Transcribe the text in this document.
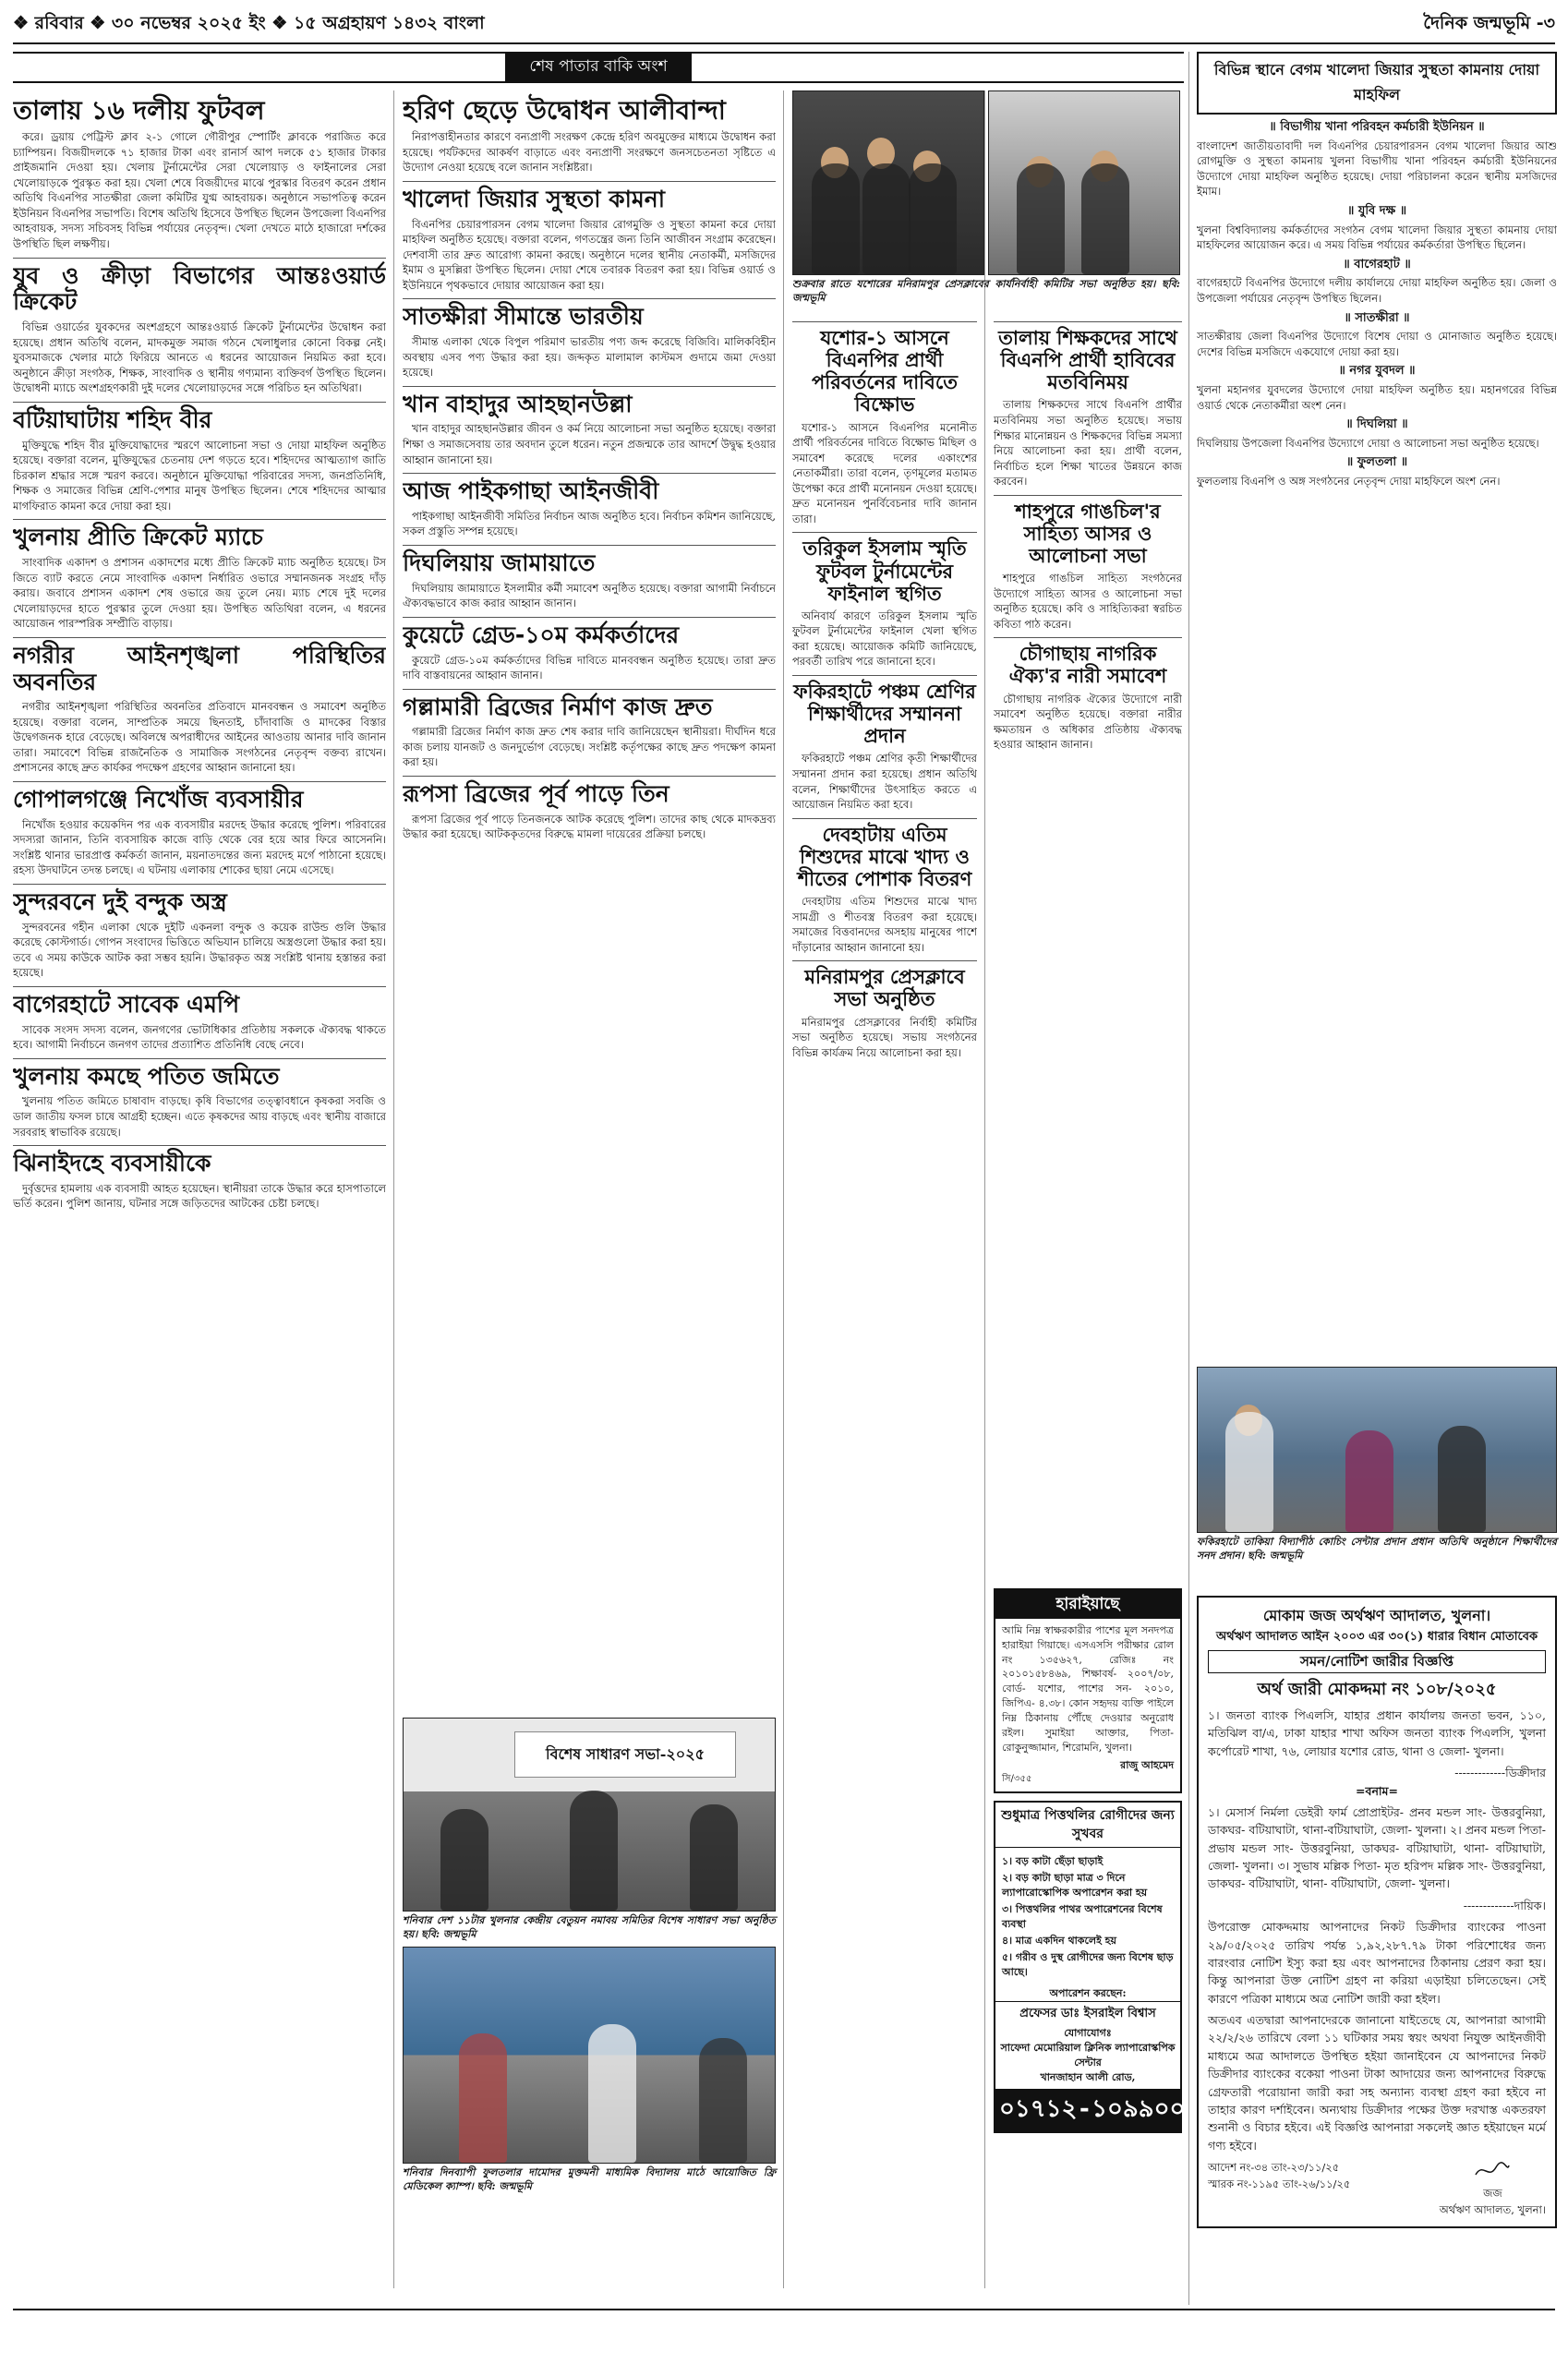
❖ রবিবার ❖ ৩০ নভেম্বর ২০২৫ ইং ❖ ১৫ অগ্রহায়ণ ১৪৩২ বাংলা	দৈনিক জন্মভূমি -৩
শেষ পাতার বাকি অংশ
তালায় ১৬ দলীয় ফুটবল

করে। ড্রয়ায় পেট্রিস্ট ক্লাব ২-১ গোলে গৌরীপুর স্পোর্টিং ক্লাবকে পরাজিত করে চ্যাম্পিয়ন। বিজয়ীদলকে ৭১ হাজার টাকা এবং রানার্স আপ দলকে ৫১ হাজার টাকার প্রাইজমানি দেওয়া হয়। খেলায় টুর্নামেন্টের সেরা খেলোয়াড় ও ফাইনালের সেরা খেলোয়াড়কে পুরস্কৃত করা হয়। খেলা শেষে বিজয়ীদের মাঝে পুরস্কার বিতরণ করেন প্রধান অতিথি বিএনপির সাতক্ষীরা জেলা কমিটির যুগ্ম আহবায়ক। অনুষ্ঠানে সভাপতিত্ব করেন ইউনিয়ন বিএনপির সভাপতি। বিশেষ অতিথি হিসেবে উপস্থিত ছিলেন উপজেলা বিএনপির আহবায়ক, সদস্য সচিবসহ বিভিন্ন পর্যায়ের নেতৃবৃন্দ। খেলা দেখতে মাঠে হাজারো দর্শকের উপস্থিতি ছিল লক্ষণীয়।

যুব ও ক্রীড়া বিভাগের আন্তঃওয়ার্ড ক্রিকেট

বিভিন্ন ওয়ার্ডের যুবকদের অংশগ্রহণে আন্তঃওয়ার্ড ক্রিকেট টুর্নামেন্টের উদ্বোধন করা হয়েছে। প্রধান অতিথি বলেন, মাদকমুক্ত সমাজ গঠনে খেলাধুলার কোনো বিকল্প নেই। যুবসমাজকে খেলার মাঠে ফিরিয়ে আনতে এ ধরনের আয়োজন নিয়মিত করা হবে। অনুষ্ঠানে ক্রীড়া সংগঠক, শিক্ষক, সাংবাদিক ও স্থানীয় গণ্যমান্য ব্যক্তিবর্গ উপস্থিত ছিলেন। উদ্বোধনী ম্যাচে অংশগ্রহণকারী দুই দলের খেলোয়াড়দের সঙ্গে পরিচিত হন অতিথিরা।

বটিয়াঘাটায় শহিদ বীর

মুক্তিযুদ্ধে শহিদ বীর মুক্তিযোদ্ধাদের স্মরণে আলোচনা সভা ও দোয়া মাহফিল অনুষ্ঠিত হয়েছে। বক্তারা বলেন, মুক্তিযুদ্ধের চেতনায় দেশ গড়তে হবে। শহিদদের আত্মত্যাগ জাতি চিরকাল শ্রদ্ধার সঙ্গে স্মরণ করবে। অনুষ্ঠানে মুক্তিযোদ্ধা পরিবারের সদস্য, জনপ্রতিনিধি, শিক্ষক ও সমাজের বিভিন্ন শ্রেণি-পেশার মানুষ উপস্থিত ছিলেন। শেষে শহিদদের আত্মার মাগফিরাত কামনা করে দোয়া করা হয়।

খুলনায় প্রীতি ক্রিকেট ম্যাচে

সাংবাদিক একাদশ ও প্রশাসন একাদশের মধ্যে প্রীতি ক্রিকেট ম্যাচ অনুষ্ঠিত হয়েছে। টস জিতে ব্যাট করতে নেমে সাংবাদিক একাদশ নির্ধারিত ওভারে সম্মানজনক সংগ্রহ দাঁড় করায়। জবাবে প্রশাসন একাদশ শেষ ওভারে জয় তুলে নেয়। ম্যাচ শেষে দুই দলের খেলোয়াড়দের হাতে পুরস্কার তুলে দেওয়া হয়। উপস্থিত অতিথিরা বলেন, এ ধরনের আয়োজন পারস্পরিক সম্প্রীতি বাড়ায়।

নগরীর আইনশৃঙ্খলা পরিস্থিতির অবনতির

নগরীর আইনশৃঙ্খলা পরিস্থিতির অবনতির প্রতিবাদে মানববন্ধন ও সমাবেশ অনুষ্ঠিত হয়েছে। বক্তারা বলেন, সাম্প্রতিক সময়ে ছিনতাই, চাঁদাবাজি ও মাদকের বিস্তার উদ্বেগজনক হারে বেড়েছে। অবিলম্বে অপরাধীদের আইনের আওতায় আনার দাবি জানান তারা। সমাবেশে বিভিন্ন রাজনৈতিক ও সামাজিক সংগঠনের নেতৃবৃন্দ বক্তব্য রাখেন। প্রশাসনের কাছে দ্রুত কার্যকর পদক্ষেপ গ্রহণের আহ্বান জানানো হয়।

গোপালগঞ্জে নিখোঁজ ব্যবসায়ীর

নিখোঁজ হওয়ার কয়েকদিন পর এক ব্যবসায়ীর মরদেহ উদ্ধার করেছে পুলিশ। পরিবারের সদস্যরা জানান, তিনি ব্যবসায়িক কাজে বাড়ি থেকে বের হয়ে আর ফিরে আসেননি। সংশ্লিষ্ট থানার ভারপ্রাপ্ত কর্মকর্তা জানান, ময়নাতদন্তের জন্য মরদেহ মর্গে পাঠানো হয়েছে। রহস্য উদঘাটনে তদন্ত চলছে। এ ঘটনায় এলাকায় শোকের ছায়া নেমে এসেছে।

সুন্দরবনে দুই বন্দুক অস্ত্র

সুন্দরবনের গহীন এলাকা থেকে দুইটি একনলা বন্দুক ও কয়েক রাউন্ড গুলি উদ্ধার করেছে কোস্টগার্ড। গোপন সংবাদের ভিত্তিতে অভিযান চালিয়ে অস্ত্রগুলো উদ্ধার করা হয়। তবে এ সময় কাউকে আটক করা সম্ভব হয়নি। উদ্ধারকৃত অস্ত্র সংশ্লিষ্ট থানায় হস্তান্তর করা হয়েছে।

বাগেরহাটে সাবেক এমপি

সাবেক সংসদ সদস্য বলেন, জনগণের ভোটাধিকার প্রতিষ্ঠায় সকলকে ঐক্যবদ্ধ থাকতে হবে। আগামী নির্বাচনে জনগণ তাদের প্রত্যাশিত প্রতিনিধি বেছে নেবে।

খুলনায় কমছে পতিত জমিতে

খুলনায় পতিত জমিতে চাষাবাদ বাড়ছে। কৃষি বিভাগের তত্ত্বাবধানে কৃষকরা সবজি ও ডাল জাতীয় ফসল চাষে আগ্রহী হচ্ছেন। এতে কৃষকদের আয় বাড়ছে এবং স্থানীয় বাজারে সরবরাহ স্বাভাবিক রয়েছে।

ঝিনাইদহে ব্যবসায়ীকে

দুর্বৃত্তদের হামলায় এক ব্যবসায়ী আহত হয়েছেন। স্থানীয়রা তাকে উদ্ধার করে হাসপাতালে ভর্তি করেন। পুলিশ জানায়, ঘটনার সঙ্গে জড়িতদের আটকের চেষ্টা চলছে।

হরিণ ছেড়ে উদ্বোধন আলীবান্দা

নিরাপত্তাহীনতার কারণে বন্যপ্রাণী সংরক্ষণ কেন্দ্রে হরিণ অবমুক্তের মাধ্যমে উদ্বোধন করা হয়েছে। পর্যটকদের আকর্ষণ বাড়াতে এবং বন্যপ্রাণী সংরক্ষণে জনসচেতনতা সৃষ্টিতে এ উদ্যোগ নেওয়া হয়েছে বলে জানান সংশ্লিষ্টরা।

খালেদা জিয়ার সুস্থতা কামনা

বিএনপির চেয়ারপারসন বেগম খালেদা জিয়ার রোগমুক্তি ও সুস্থতা কামনা করে দোয়া মাহফিল অনুষ্ঠিত হয়েছে। বক্তারা বলেন, গণতন্ত্রের জন্য তিনি আজীবন সংগ্রাম করেছেন। দেশবাসী তার দ্রুত আরোগ্য কামনা করছে। অনুষ্ঠানে দলের স্থানীয় নেতাকর্মী, মসজিদের ইমাম ও মুসল্লিরা উপস্থিত ছিলেন। দোয়া শেষে তবারক বিতরণ করা হয়। বিভিন্ন ওয়ার্ড ও ইউনিয়নে পৃথকভাবে দোয়ার আয়োজন করা হয়।

সাতক্ষীরা সীমান্তে ভারতীয়

সীমান্ত এলাকা থেকে বিপুল পরিমাণ ভারতীয় পণ্য জব্দ করেছে বিজিবি। মালিকবিহীন অবস্থায় এসব পণ্য উদ্ধার করা হয়। জব্দকৃত মালামাল কাস্টমস গুদামে জমা দেওয়া হয়েছে।

খান বাহাদুর আহছানউল্লা

খান বাহাদুর আহছানউল্লার জীবন ও কর্ম নিয়ে আলোচনা সভা অনুষ্ঠিত হয়েছে। বক্তারা শিক্ষা ও সমাজসেবায় তার অবদান তুলে ধরেন। নতুন প্রজন্মকে তার আদর্শে উদ্বুদ্ধ হওয়ার আহ্বান জানানো হয়।

আজ পাইকগাছা আইনজীবী

পাইকগাছা আইনজীবী সমিতির নির্বাচন আজ অনুষ্ঠিত হবে। নির্বাচন কমিশন জানিয়েছে, সকল প্রস্তুতি সম্পন্ন হয়েছে।

দিঘলিয়ায় জামায়াতে

দিঘলিয়ায় জামায়াতে ইসলামীর কর্মী সমাবেশ অনুষ্ঠিত হয়েছে। বক্তারা আগামী নির্বাচনে ঐক্যবদ্ধভাবে কাজ করার আহ্বান জানান।

কুয়েটে গ্রেড-১০ম কর্মকর্তাদের

কুয়েটে গ্রেড-১০ম কর্মকর্তাদের বিভিন্ন দাবিতে মানববন্ধন অনুষ্ঠিত হয়েছে। তারা দ্রুত দাবি বাস্তবায়নের আহ্বান জানান।

গল্লামারী ব্রিজের নির্মাণ কাজ দ্রুত

গল্লামারী ব্রিজের নির্মাণ কাজ দ্রুত শেষ করার দাবি জানিয়েছেন স্থানীয়রা। দীর্ঘদিন ধরে কাজ চলায় যানজট ও জনদুর্ভোগ বেড়েছে। সংশ্লিষ্ট কর্তৃপক্ষের কাছে দ্রুত পদক্ষেপ কামনা করা হয়।

রূপসা ব্রিজের পূর্ব পাড়ে তিন

রূপসা ব্রিজের পূর্ব পাড়ে তিনজনকে আটক করেছে পুলিশ। তাদের কাছ থেকে মাদকদ্রব্য উদ্ধার করা হয়েছে। আটককৃতদের বিরুদ্ধে মামলা দায়েরের প্রক্রিয়া চলছে।

বিশেষ সাধারণ সভা-২০২৫
শনিবার দেশ ১১টার খুলনার কেন্দ্রীয় বেতুয়ন নমাবয় সমিতির বিশেষ সাধারণ সভা অনুষ্ঠিত হয়। ছবি: জন্মভূমি
শনিবার দিনব্যাপী ফুলতলার দামোদর মুক্তমনী মাধ্যমিক বিদ্যালয় মাঠে আয়োজিত ফ্রি মেডিকেল ক্যাম্প। ছবি: জন্মভূমি
শুক্রবার রাতে যশোরের মনিরামপুর প্রেসক্লাবের কার্যনির্বাহী কমিটির সভা অনুষ্ঠিত হয়। ছবি: জন্মভূমি
যশোর-১ আসনে বিএনপির প্রার্থী পরিবর্তনের দাবিতে বিক্ষোভ

যশোর-১ আসনে বিএনপির মনোনীত প্রার্থী পরিবর্তনের দাবিতে বিক্ষোভ মিছিল ও সমাবেশ করেছে দলের একাংশের নেতাকর্মীরা। তারা বলেন, তৃণমূলের মতামত উপেক্ষা করে প্রার্থী মনোনয়ন দেওয়া হয়েছে। দ্রুত মনোনয়ন পুনর্বিবেচনার দাবি জানান তারা।

তরিকুল ইসলাম স্মৃতি ফুটবল টুর্নামেন্টের ফাইনাল স্থগিত

অনিবার্য কারণে তরিকুল ইসলাম স্মৃতি ফুটবল টুর্নামেন্টের ফাইনাল খেলা স্থগিত করা হয়েছে। আয়োজক কমিটি জানিয়েছে, পরবর্তী তারিখ পরে জানানো হবে।

ফকিরহাটে পঞ্চম শ্রেণির শিক্ষার্থীদের সম্মাননা প্রদান

ফকিরহাটে পঞ্চম শ্রেণির কৃতী শিক্ষার্থীদের সম্মাননা প্রদান করা হয়েছে। প্রধান অতিথি বলেন, শিক্ষার্থীদের উৎসাহিত করতে এ আয়োজন নিয়মিত করা হবে।

দেবহাটায় এতিম শিশুদের মাঝে খাদ্য ও শীতের পোশাক বিতরণ

দেবহাটায় এতিম শিশুদের মাঝে খাদ্য সামগ্রী ও শীতবস্ত্র বিতরণ করা হয়েছে। সমাজের বিত্তবানদের অসহায় মানুষের পাশে দাঁড়ানোর আহ্বান জানানো হয়।

মনিরামপুর প্রেসক্লাবে সভা অনুষ্ঠিত

মনিরামপুর প্রেসক্লাবের নির্বাহী কমিটির সভা অনুষ্ঠিত হয়েছে। সভায় সংগঠনের বিভিন্ন কার্যক্রম নিয়ে আলোচনা করা হয়।

তালায় শিক্ষকদের সাথে বিএনপি প্রার্থী হাবিবের মতবিনিময়

তালায় শিক্ষকদের সাথে বিএনপি প্রার্থীর মতবিনিময় সভা অনুষ্ঠিত হয়েছে। সভায় শিক্ষার মানোন্নয়ন ও শিক্ষকদের বিভিন্ন সমস্যা নিয়ে আলোচনা করা হয়। প্রার্থী বলেন, নির্বাচিত হলে শিক্ষা খাতের উন্নয়নে কাজ করবেন।

শাহপুরে গাঙচিল'র সাহিত্য আসর ও আলোচনা সভা

শাহপুরে গাঙচিল সাহিত্য সংগঠনের উদ্যোগে সাহিত্য আসর ও আলোচনা সভা অনুষ্ঠিত হয়েছে। কবি ও সাহিত্যিকরা স্বরচিত কবিতা পাঠ করেন।

চৌগাছায় নাগরিক ঐক্য'র নারী সমাবেশ

চৌগাছায় নাগরিক ঐক্যের উদ্যোগে নারী সমাবেশ অনুষ্ঠিত হয়েছে। বক্তারা নারীর ক্ষমতায়ন ও অধিকার প্রতিষ্ঠায় ঐক্যবদ্ধ হওয়ার আহ্বান জানান।

হারাইয়াছে
আমি নিম্ন স্বাক্ষরকারীর পাশের মূল সনদপত্র হারাইয়া গিয়াছে। এসএসসি পরীক্ষার রোল নং ১৩৫৬২৭, রেজিঃ নং ২০১০১৫৮৪৬৯, শিক্ষাবর্ষ- ২০০৭/০৮, বোর্ড- যশোর, পাশের সন- ২০১০, জিপিএ- ৪.৩৮। কোন সহৃদয় ব্যক্তি পাইলে নিম্ন ঠিকানায় পৌঁছে দেওয়ার অনুরোধ রইল। সুমাইয়া আক্তার, পিতা- রোকুনুজ্জামান, শিরোমনি, খুলনা।
রাজু আহমেদ
সি/৩৫৫
শুধুমাত্র পিত্তথলির রোগীদের জন্য সুখবর
১। বড় কাটা ছেঁড়া ছাড়াই
২। বড় কাটা ছাড়া মাত্র ৩ দিনে ল্যাপারোস্কোপিক অপারেশন করা হয়
৩। পিত্তথলির পাথর অপারেশনের বিশেষ ব্যবস্থা
৪। মাত্র একদিন থাকলেই হয়
৫। গরীব ও দুস্থ রোগীদের জন্য বিশেষ ছাড় আছে।
অপারেশন করছেন:
প্রফেসর ডাঃ ইসরাইল বিশ্বাস
যোগাযোগঃ
সাফেদা মেমোরিয়াল ক্লিনিক ল্যাপারোস্কপিক সেন্টার
খানজাহান আলী রোড,
০১৭১২-১০৯৯০০
বিভিন্ন স্থানে বেগম খালেদা জিয়ার সুস্থতা কামনায় দোয়া মাহফিল
॥ বিভাগীয় খানা পরিবহন কর্মচারী ইউনিয়ন ॥

বাংলাদেশ জাতীয়তাবাদী দল বিএনপির চেয়ারপারসন বেগম খালেদা জিয়ার আশু রোগমুক্তি ও সুস্থতা কামনায় খুলনা বিভাগীয় খানা পরিবহন কর্মচারী ইউনিয়নের উদ্যোগে দোয়া মাহফিল অনুষ্ঠিত হয়েছে। দোয়া পরিচালনা করেন স্থানীয় মসজিদের ইমাম।

॥ যুবি দক্ষ ॥

খুলনা বিশ্ববিদ্যালয় কর্মকর্তাদের সংগঠন বেগম খালেদা জিয়ার সুস্থতা কামনায় দোয়া মাহফিলের আয়োজন করে। এ সময় বিভিন্ন পর্যায়ের কর্মকর্তারা উপস্থিত ছিলেন।

॥ বাগেরহাট ॥

বাগেরহাটে বিএনপির উদ্যোগে দলীয় কার্যালয়ে দোয়া মাহফিল অনুষ্ঠিত হয়। জেলা ও উপজেলা পর্যায়ের নেতৃবৃন্দ উপস্থিত ছিলেন।

॥ সাতক্ষীরা ॥

সাতক্ষীরায় জেলা বিএনপির উদ্যোগে বিশেষ দোয়া ও মোনাজাত অনুষ্ঠিত হয়েছে। দেশের বিভিন্ন মসজিদে একযোগে দোয়া করা হয়।

॥ নগর যুবদল ॥

খুলনা মহানগর যুবদলের উদ্যোগে দোয়া মাহফিল অনুষ্ঠিত হয়। মহানগরের বিভিন্ন ওয়ার্ড থেকে নেতাকর্মীরা অংশ নেন।

॥ দিঘলিয়া ॥

দিঘলিয়ায় উপজেলা বিএনপির উদ্যোগে দোয়া ও আলোচনা সভা অনুষ্ঠিত হয়েছে।

॥ ফুলতলা ॥

ফুলতলায় বিএনপি ও অঙ্গ সংগঠনের নেতৃবৃন্দ দোয়া মাহফিলে অংশ নেন।

ফকিরহাটে তাকিয়া বিদ্যাপীঠ কোচিং সেন্টার প্রদান প্রধান অতিথি অনুষ্ঠানে শিক্ষার্থীদের সনদ প্রদান। ছবি: জন্মভূমি
মোকাম জজ অর্থঋণ আদালত, খুলনা।
অর্থঋণ আদালত আইন ২০০৩ এর ৩০(১) ধারার বিধান মোতাবেক
সমন/নোটিশ জারীর বিজ্ঞপ্তি
অর্থ জারী মোকদ্দমা নং ১০৮/২০২৫

১। জনতা ব্যাংক পিএলসি, যাহার প্রধান কার্যালয় জনতা ভবন, ১১০, মতিঝিল বা/এ, ঢাকা যাহার শাখা অফিস জনতা ব্যাংক পিএলসি, খুলনা কর্পোরেট শাখা, ৭৬, লোয়ার যশোর রোড, থানা ও জেলা- খুলনা।

-------------ডিক্রীদার
=বনাম=

১। মেসার্স নির্মলা ডেইরী ফার্ম প্রোপ্রাইটর- প্রনব মন্ডল সাং- উত্তরবুনিয়া, ডাকঘর- বটিয়াঘাটা, থানা-বটিয়াঘাটা, জেলা- খুলনা। ২। প্রনব মন্ডল পিতা- প্রভাষ মন্ডল সাং- উত্তরবুনিয়া, ডাকঘর- বটিয়াঘাটা, থানা- বটিয়াঘাটা, জেলা- খুলনা। ৩। সুভাষ মল্লিক পিতা- মৃত হরিপদ মল্লিক সাং- উত্তরবুনিয়া, ডাকঘর- বটিয়াঘাটা, থানা- বটিয়াঘাটা, জেলা- খুলনা।

-------------দায়িক।

উপরোক্ত মোকদ্দমায় আপনাদের নিকট ডিক্রীদার ব্যাংকের পাওনা ২৯/০৫/২০২৫ তারিখ পর্যন্ত ১,৯২,২৮৭.৭৯ টাকা পরিশোধের জন্য বারংবার নোটিশ ইস্যু করা হয় এবং আপনাদের ঠিকানায় প্রেরণ করা হয়। কিন্তু আপনারা উক্ত নোটিশ গ্রহণ না করিয়া এড়াইয়া চলিতেছেন। সেই কারণে পত্রিকা মাধ্যমে অত্র নোটিশ জারী করা হইল।

অতএব এতদ্বারা আপনাদেরকে জানানো যাইতেছে যে, আপনারা আগামী ২২/২/২৬ তারিখে বেলা ১১ ঘটিকার সময় স্বয়ং অথবা নিযুক্ত আইনজীবী মাধ্যমে অত্র আদালতে উপস্থিত হইয়া জানাইবেন যে আপনাদের নিকট ডিক্রীদার ব্যাংকের বকেয়া পাওনা টাকা আদায়ের জন্য আপনাদের বিরুদ্ধে গ্রেফতারী পরোয়ানা জারী করা সহ অন্যান্য ব্যবস্থা গ্রহণ করা হইবে না তাহার কারণ দর্শাইবেন। অন্যথায় ডিক্রীদার পক্ষের উক্ত দরখাস্ত একতরফা শুনানী ও বিচার হইবে। এই বিজ্ঞপ্তি আপনারা সকলেই জ্ঞাত হইয়াছেন মর্মে গণ্য হইবে।

আদেশ নং-৩৪ তাং-২৩/১১/২৫
স্মারক নং-১১৯৫ তাং-২৬/১১/২৫
জজ
অর্থঋণ আদালত, খুলনা।
